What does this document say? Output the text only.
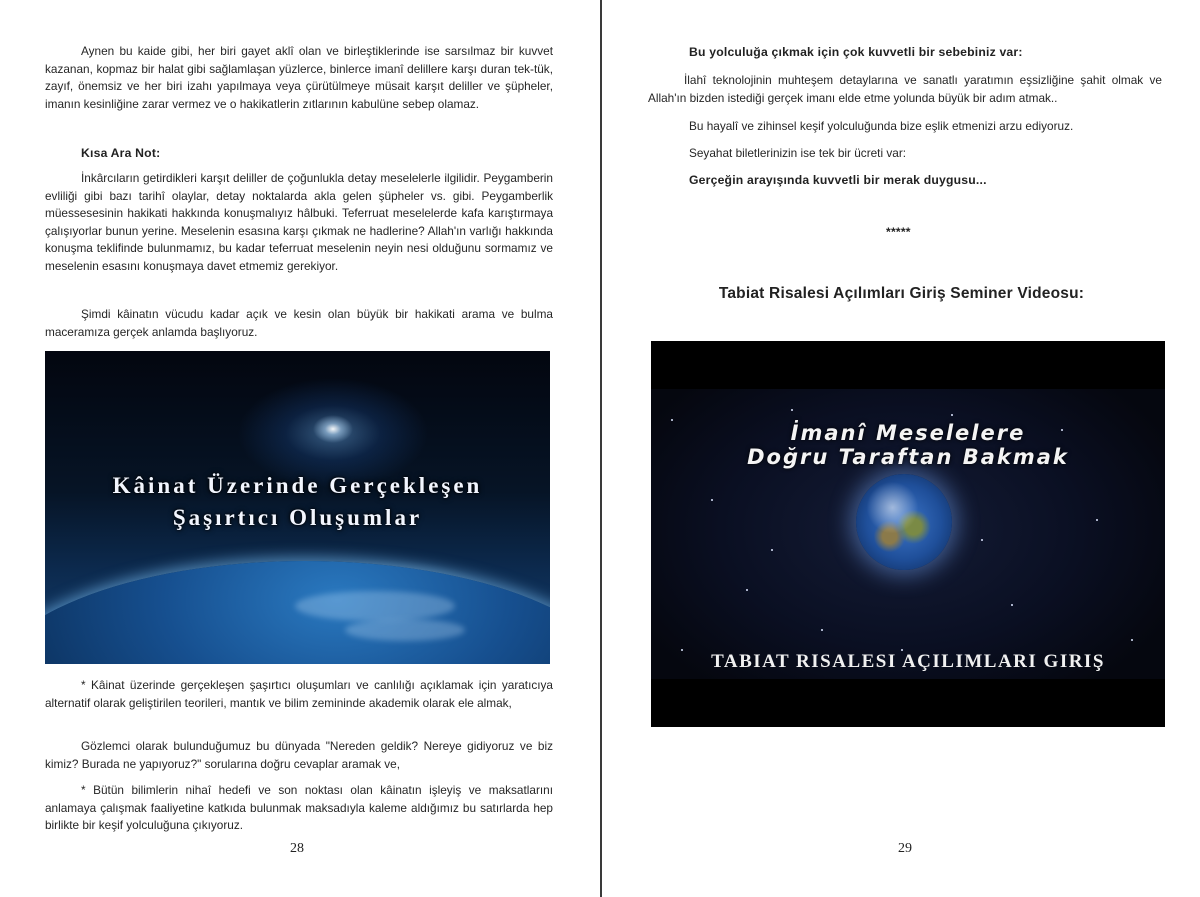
Aynen bu kaide gibi, her biri gayet aklî olan ve birleştiklerinde ise sarsılmaz bir kuvvet kazanan, kopmaz bir halat gibi sağlamlaşan yüzlerce, binlerce imanî delillere karşı duran tek-tük, zayıf, önemsiz ve her biri izahı yapılmaya veya çürütülmeye müsait karşıt deliller ve şüpheler, imanın kesinliğine zarar vermez ve o hakikatlerin zıtlarının kabulüne sebep olamaz.

Kısa Ara Not:

İnkârcıların getirdikleri karşıt deliller de çoğunlukla detay meselelerle ilgilidir. Peygamberin evliliği gibi bazı tarihî olaylar, detay noktalarda akla gelen şüpheler vs. gibi. Peygamberlik müessesesinin hakikati hakkında konuşmalıyız hâlbuki. Teferruat meselelerde kafa karıştırmaya çalışıyorlar bunun yerine. Meselenin esasına karşı çıkmak ne hadlerine? Allah'ın varlığı hakkında konuşma teklifinde bulunmamız, bu kadar teferruat meselenin neyin nesi olduğunu sormamız ve meselenin esasını konuşmaya davet etmemiz gerekiyor.

Şimdi kâinatın vücudu kadar açık ve kesin olan büyük bir hakikati arama ve bulma maceramıza gerçek anlamda başlıyoruz.

Kâinat Üzerinde Gerçekleşen
Şaşırtıcı Oluşumlar

* Kâinat üzerinde gerçekleşen şaşırtıcı oluşumları ve canlılığı açıklamak için yaratıcıya alternatif olarak geliştirilen teorileri, mantık ve bilim zemininde akademik olarak ele almak,

Gözlemci olarak bulunduğumuz bu dünyada "Nereden geldik? Nereye gidiyoruz ve biz kimiz? Burada ne yapıyoruz?" sorularına doğru cevaplar aramak ve,

* Bütün bilimlerin nihaî hedefi ve son noktası olan kâinatın işleyiş ve maksatlarını anlamaya çalışmak faaliyetine katkıda bulunmak maksadıyla kaleme aldığımız bu satırlarda hep birlikte bir keşif yolculuğuna çıkıyoruz.

28

Bu yolculuğa çıkmak için çok kuvvetli bir sebebiniz var:

İlahî teknolojinin muhteşem detaylarına ve sanatlı yaratımın eşsizliğine şahit olmak ve Allah'ın bizden istediği gerçek imanı elde etme yolunda büyük bir adım atmak..

Bu hayalî ve zihinsel keşif yolculuğunda bize eşlik etmenizi arzu ediyoruz.

Seyahat biletlerinizin ise tek bir ücreti var:

Gerçeğin arayışında kuvvetli bir merak duygusu...

*****

Tabiat Risalesi Açılımları Giriş Seminer Videosu:

İmanî Meselelere
Doğru Taraftan Bakmak
TABIAT RISALESI AÇILIMLARI GIRIŞ
29
